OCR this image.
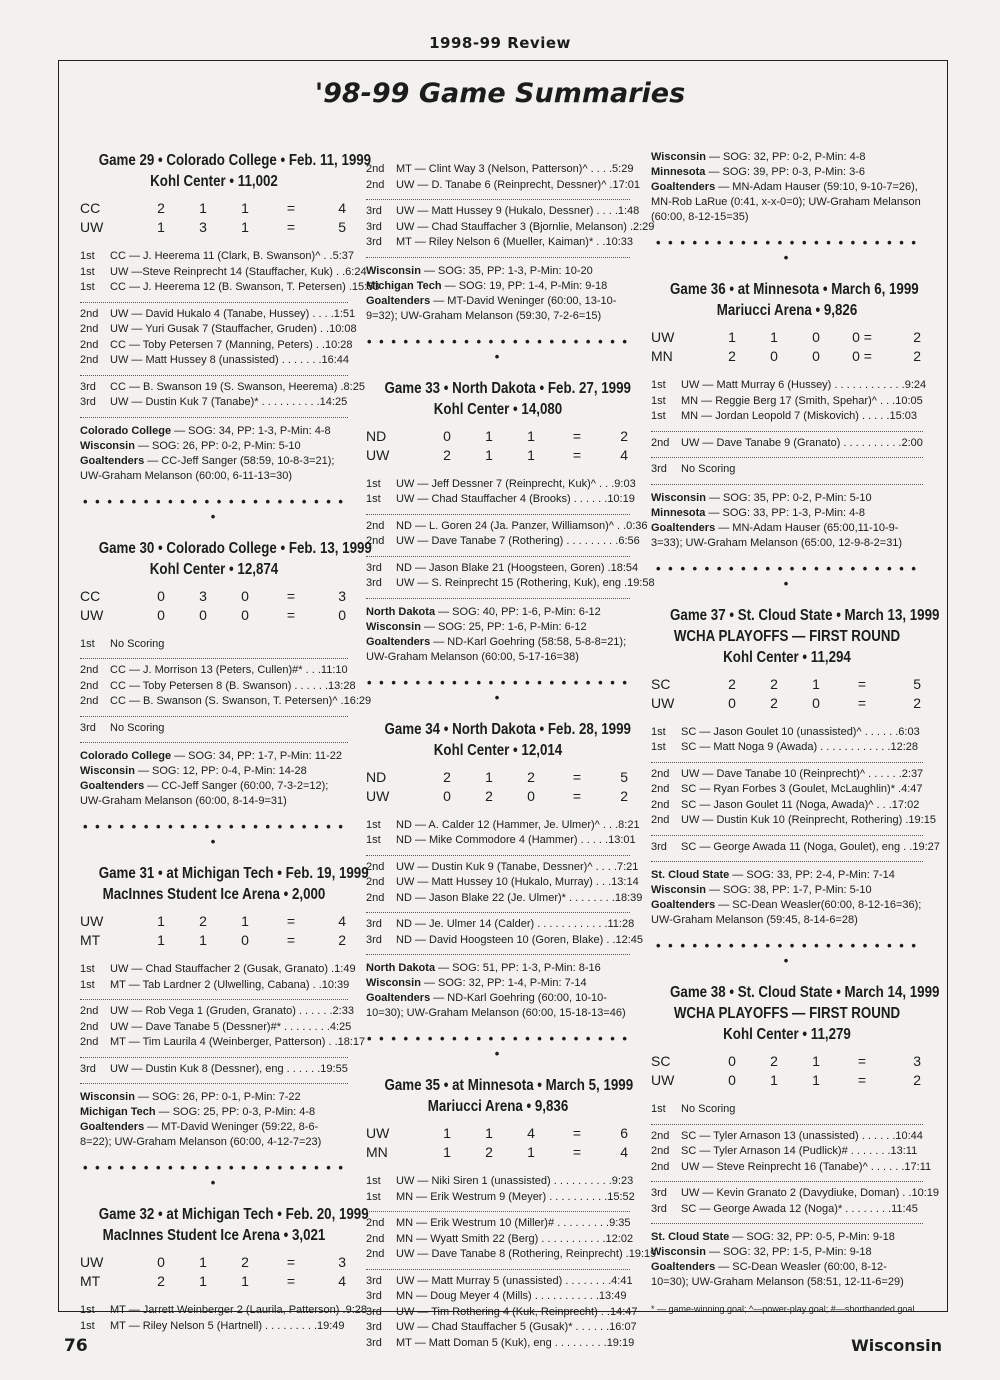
1998-99 Review
'98-99 Game Summaries
Game 29 • Colorado College • Feb. 11, 1999
Kohl Center • 11,002
CC	2	1	1	=	4
UW	1	3	1	=	5
1st	CC — J. Heerema 11 (Clark, B. Swanson)^ . .5:37
1st	UW —Steve Reinprecht 14 (Stauffacher, Kuk) . .6:24
1st	CC — J. Heerema 12 (B. Swanson, T. Petersen) .15:53
2nd	UW — David Hukalo 4 (Tanabe, Hussey) . . . .1:51
2nd	UW — Yuri Gusak 7 (Stauffacher, Gruden) . .10:08
2nd	CC — Toby Petersen 7 (Manning, Peters) . .10:28
2nd	UW — Matt Hussey 8 (unassisted) . . . . . . .16:44
3rd	CC — B. Swanson 19 (S. Swanson, Heerema) .8:25
3rd	UW — Dustin Kuk 7 (Tanabe)* . . . . . . . . . .14:25
Colorado College — SOG: 34, PP: 1-3, P-Min: 4-8
Wisconsin — SOG: 26, PP: 0-2, P-Min: 5-10
Goaltenders — CC-Jeff Sanger (58:59, 10-8-3=21); UW-Graham Melanson (60:00, 6-11-13=30)
• • • • • • • • • • • • • • • • • • • • • • •
Game 30 • Colorado College • Feb. 13, 1999
Kohl Center • 12,874
CC	0	3	0	=	3
UW	0	0	0	=	0
1st	No Scoring
2nd	CC — J. Morrison 13 (Peters, Cullen)#* . . .11:10
2nd	CC — Toby Petersen 8 (B. Swanson) . . . . . .13:28
2nd	CC — B. Swanson (S. Swanson, T. Petersen)^ .16:29
3rd	No Scoring
Colorado College — SOG: 34, PP: 1-7, P-Min: 11-22
Wisconsin — SOG: 12, PP: 0-4, P-Min: 14-28
Goaltenders — CC-Jeff Sanger (60:00, 7-3-2=12); UW-Graham Melanson (60:00, 8-14-9=31)
• • • • • • • • • • • • • • • • • • • • • • •
Game 31 • at Michigan Tech • Feb. 19, 1999
MacInnes Student Ice Arena • 2,000
UW	1	2	1	=	4
MT	1	1	0	=	2
1st	UW — Chad Stauffacher 2 (Gusak, Granato) .1:49
1st	MT — Tab Lardner 2 (Ulwelling, Cabana) . .10:39
2nd	UW — Rob Vega 1 (Gruden, Granato) . . . . . .2:33
2nd	UW — Dave Tanabe 5 (Dessner)#* . . . . . . . .4:25
2nd	MT — Tim Laurila 4 (Weinberger, Patterson) . .18:17
3rd	UW — Dustin Kuk 8 (Dessner), eng . . . . . .19:55
Wisconsin — SOG: 26, PP: 0-1, P-Min: 7-22
Michigan Tech — SOG: 25, PP: 0-3, P-Min: 4-8
Goaltenders — MT-David Weninger (59:22, 8-6-8=22); UW-Graham Melanson (60:00, 4-12-7=23)
• • • • • • • • • • • • • • • • • • • • • • •
Game 32 • at Michigan Tech • Feb. 20, 1999
MacInnes Student Ice Arena • 3,021
UW	0	1	2	=	3
MT	2	1	1	=	4
1st	MT — Jarrett Weinberger 2 (Laurila, Patterson) .9:28
1st	MT — Riley Nelson 5 (Hartnell) . . . . . . . . .19:49
2nd	MT — Clint Way 3 (Nelson, Patterson)^ . . . .5:29
2nd	UW — D. Tanabe 6 (Reinprecht, Dessner)^ .17:01
3rd	UW — Matt Hussey 9 (Hukalo, Dessner) . . . .1:48
3rd	UW — Chad Stauffacher 3 (Bjornlie, Melanson) .2:29
3rd	MT — Riley Nelson 6 (Mueller, Kaiman)* . .10:33
Wisconsin — SOG: 35, PP: 1-3, P-Min: 10-20
Michigan Tech — SOG: 19, PP: 1-4, P-Min: 9-18
Goaltenders — MT-David Weninger (60:00, 13-10-9=32); UW-Graham Melanson (59:30, 7-2-6=15)
• • • • • • • • • • • • • • • • • • • • • • •
Game 33 • North Dakota • Feb. 27, 1999
Kohl Center • 14,080
ND	0	1	1	=	2
UW	2	1	1	=	4
1st	UW — Jeff Dessner 7 (Reinprecht, Kuk)^ . . .9:03
1st	UW — Chad Stauffacher 4 (Brooks) . . . . . .10:19
2nd	ND — L. Goren 24 (Ja. Panzer, Williamson)^ . .0:36
2nd	UW — Dave Tanabe 7 (Rothering) . . . . . . . . .6:56
3rd	ND — Jason Blake 21 (Hoogsteen, Goren) .18:54
3rd	UW — S. Reinprecht 15 (Rothering, Kuk), eng .19:58
North Dakota — SOG: 40, PP: 1-6, P-Min: 6-12
Wisconsin — SOG: 25, PP: 1-6, P-Min: 6-12
Goaltenders — ND-Karl Goehring (58:58, 5-8-8=21); UW-Graham Melanson (60:00, 5-17-16=38)
• • • • • • • • • • • • • • • • • • • • • • •
Game 34 • North Dakota • Feb. 28, 1999
Kohl Center • 12,014
ND	2	1	2	=	5
UW	0	2	0	=	2
1st	ND — A. Calder 12 (Hammer, Je. Ulmer)^ . . .8:21
1st	ND — Mike Commodore 4 (Hammer) . . . . .13:01
2nd	UW — Dustin Kuk 9 (Tanabe, Dessner)^ . . . .7:21
2nd	UW — Matt Hussey 10 (Hukalo, Murray) . . .13:14
2nd	ND — Jason Blake 22 (Je. Ulmer)* . . . . . . . .18:39
3rd	ND — Je. Ulmer 14 (Calder) . . . . . . . . . . . .11:28
3rd	ND — David Hoogsteen 10 (Goren, Blake) . .12:45
North Dakota — SOG: 51, PP: 1-3, P-Min: 8-16
Wisconsin — SOG: 32, PP: 1-4, P-Min: 7-14
Goaltenders — ND-Karl Goehring (60:00, 10-10-10=30); UW-Graham Melanson (60:00, 15-18-13=46)
• • • • • • • • • • • • • • • • • • • • • • •
Game 35 • at Minnesota • March 5, 1999
Mariucci Arena • 9,836
UW	1	1	4	=	6
MN	1	2	1	=	4
1st	UW — Niki Siren 1 (unassisted) . . . . . . . . . .9:23
1st	MN — Erik Westrum 9 (Meyer) . . . . . . . . . .15:52
2nd	MN — Erik Westrum 10 (Miller)# . . . . . . . . .9:35
2nd	MN — Wyatt Smith 22 (Berg) . . . . . . . . . . .12:02
2nd	UW — Dave Tanabe 8 (Rothering, Reinprecht) .19:19
3rd	UW — Matt Murray 5 (unassisted) . . . . . . . .4:41
3rd	MN — Doug Meyer 4 (Mills) . . . . . . . . . . .13:49
3rd	UW — Tim Rothering 4 (Kuk, Reinprecht) . .14:47
3rd	UW — Chad Stauffacher 5 (Gusak)* . . . . . .16:07
3rd	MT — Matt Doman 5 (Kuk), eng . . . . . . . . .19:19
Wisconsin — SOG: 32, PP: 0-2, P-Min: 4-8
Minnesota — SOG: 39, PP: 0-3, P-Min: 3-6
Goaltenders — MN-Adam Hauser (59:10, 9-10-7=26), MN-Rob LaRue (0:41, x-x-0=0); UW-Graham Melanson (60:00, 8-12-15=35)
• • • • • • • • • • • • • • • • • • • • • • •
Game 36 • at Minnesota • March 6, 1999
Mariucci Arena • 9,826
UW	1	1	0	0 =	2
MN	2	0	0	0 =	2
1st	UW — Matt Murray 6 (Hussey) . . . . . . . . . . . .9:24
1st	MN — Reggie Berg 17 (Smith, Spehar)^ . . .10:05
1st	MN — Jordan Leopold 7 (Miskovich) . . . . .15:03
2nd	UW — Dave Tanabe 9 (Granato) . . . . . . . . . .2:00
3rd	No Scoring
Wisconsin — SOG: 35, PP: 0-2, P-Min: 5-10
Minnesota — SOG: 33, PP: 1-3, P-Min: 4-8
Goaltenders — MN-Adam Hauser (65:00,11-10-9-3=33); UW-Graham Melanson (65:00, 12-9-8-2=31)
• • • • • • • • • • • • • • • • • • • • • • •
Game 37 • St. Cloud State • March 13, 1999
WCHA PLAYOFFS — FIRST ROUND
Kohl Center • 11,294
SC	2	2	1	=	5
UW	0	2	0	=	2
1st	SC — Jason Goulet 10 (unassisted)^ . . . . . .6:03
1st	SC — Matt Noga 9 (Awada) . . . . . . . . . . . .12:28
2nd	UW — Dave Tanabe 10 (Reinprecht)^ . . . . . .2:37
2nd	SC — Ryan Forbes 3 (Goulet, McLaughlin)* .4:47
2nd	SC — Jason Goulet 11 (Noga, Awada)^ . . .17:02
2nd	UW — Dustin Kuk 10 (Reinprecht, Rothering) .19:15
3rd	SC — George Awada 11 (Noga, Goulet), eng . .19:27
St. Cloud State — SOG: 33, PP: 2-4, P-Min: 7-14
Wisconsin — SOG: 38, PP: 1-7, P-Min: 5-10
Goaltenders — SC-Dean Weasler(60:00, 8-12-16=36); UW-Graham Melanson (59:45, 8-14-6=28)
• • • • • • • • • • • • • • • • • • • • • • •
Game 38 • St. Cloud State • March 14, 1999
WCHA PLAYOFFS — FIRST ROUND
Kohl Center • 11,279
SC	0	2	1	=	3
UW	0	1	1	=	2
1st	No Scoring
2nd	SC — Tyler Arnason 13 (unassisted) . . . . . .10:44
2nd	SC — Tyler Arnason 14 (Pudlick)# . . . . . . .13:11
2nd	UW — Steve Reinprecht 16 (Tanabe)^ . . . . . .17:11
3rd	UW — Kevin Granato 2 (Davydiuke, Doman) . .10:19
3rd	SC — George Awada 12 (Noga)* . . . . . . . .11:45
St. Cloud State — SOG: 32, PP: 0-5, P-Min: 9-18
Wisconsin — SOG: 32, PP: 1-5, P-Min: 9-18
Goaltenders — SC-Dean Weasler (60:00, 8-12-10=30); UW-Graham Melanson (58:51, 12-11-6=29)
* — game-winning goal; ^—power-play goal; #—shorthanded goal
76	Wisconsin
